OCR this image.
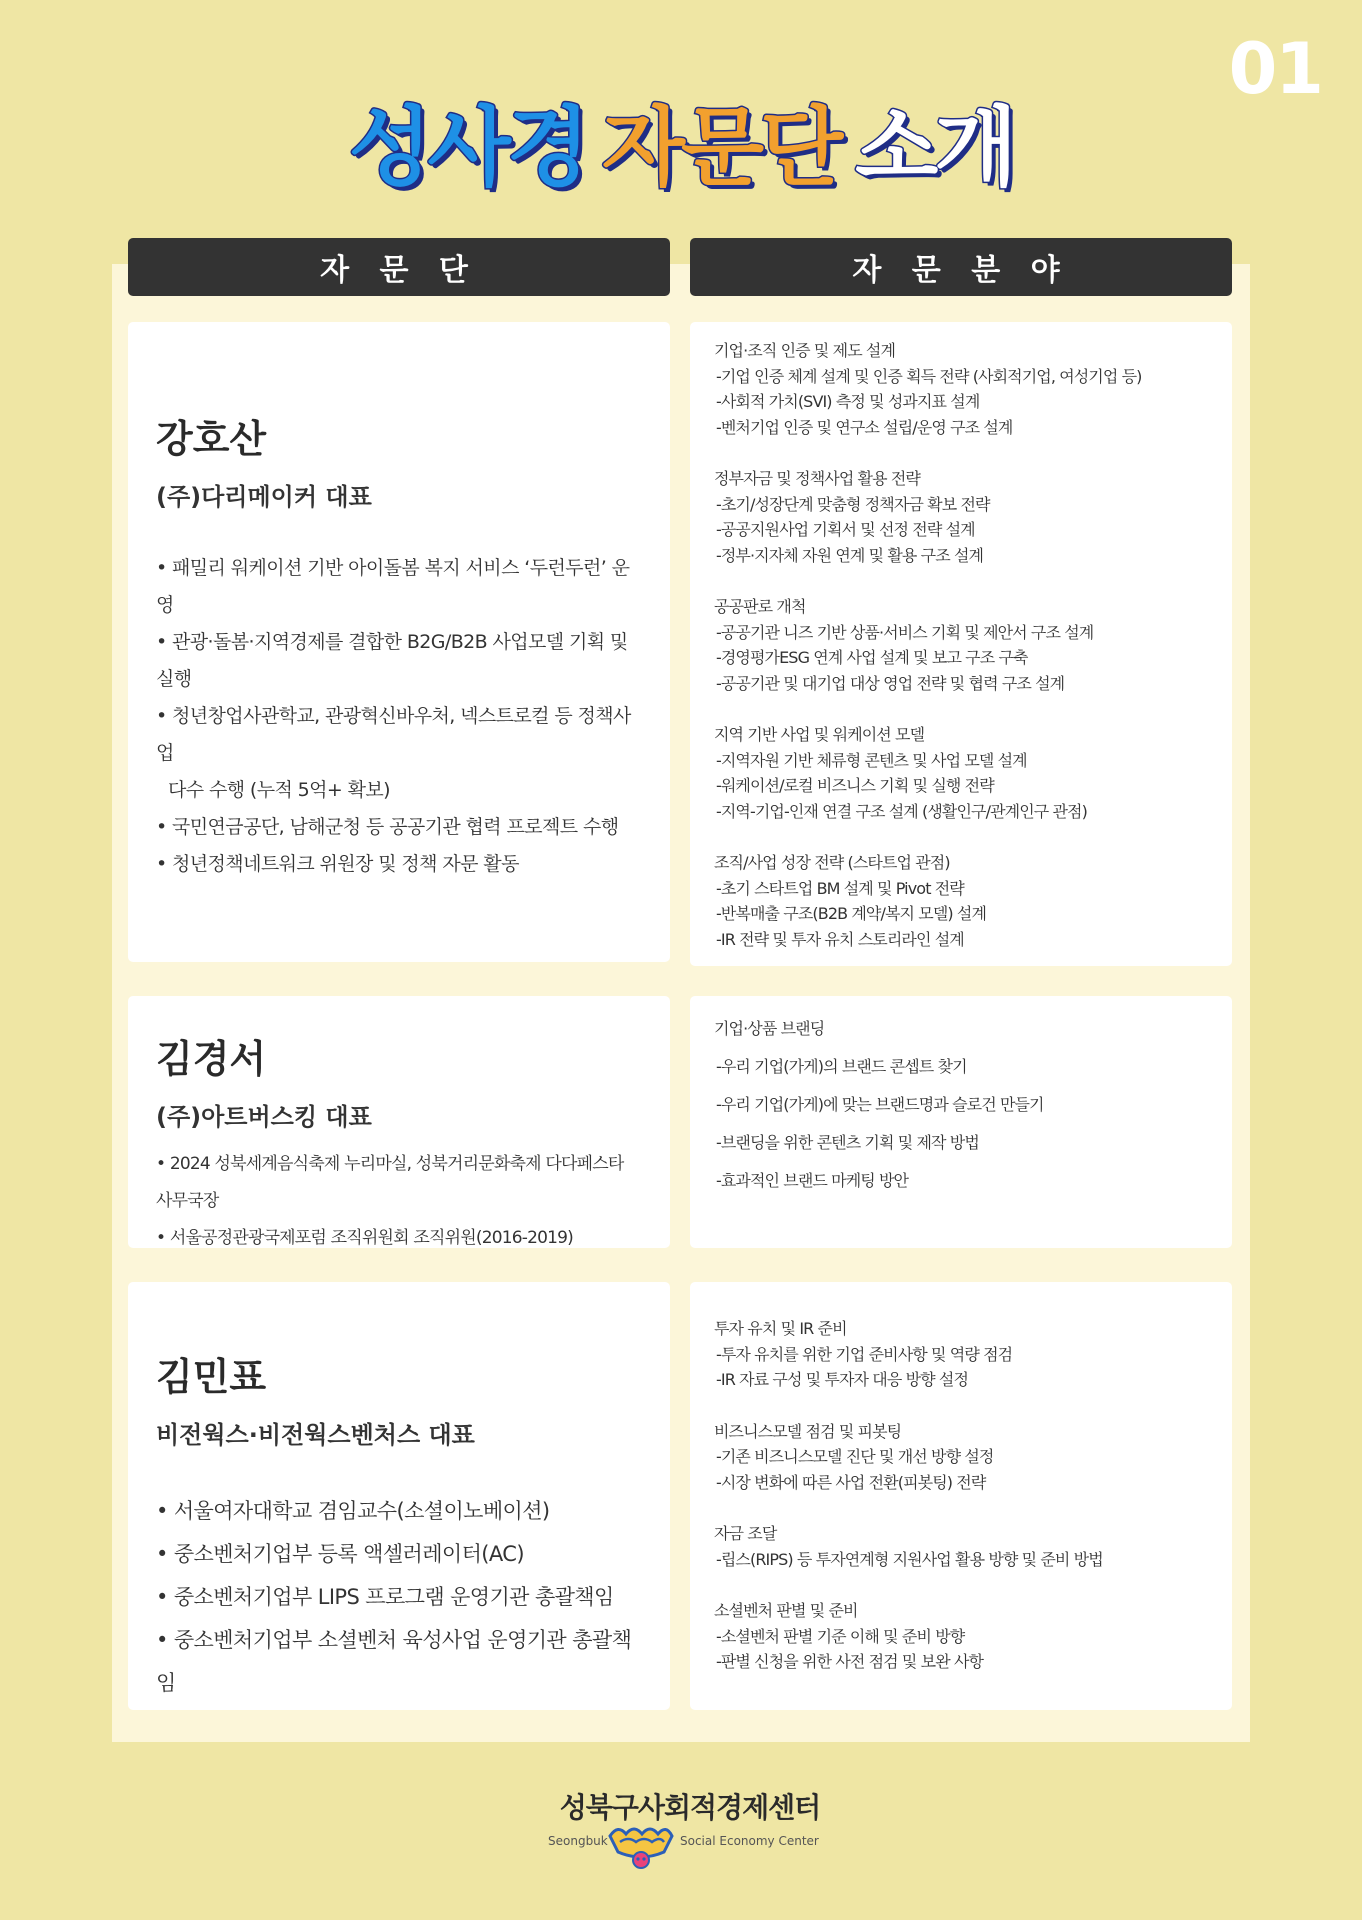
01
성사경 자문단 소개
자 문 단	자 문 분 야
강호산
(주)다리메이커 대표
• 패밀리 워케이션 기반 아이돌봄 복지 서비스 ‘두런두런’ 운영
• 관광·돌봄·지역경제를 결합한 B2G/B2B 사업모델 기획 및 실행
• 청년창업사관학교, 관광혁신바우처, 넥스트로컬 등 정책사업
다수 수행 (누적 5억+ 확보)
• 국민연금공단, 남해군청 등 공공기관 협력 프로젝트 수행
• 청년정책네트워크 위원장 및 정책 자문 활동
기업·조직 인증 및 제도 설계
-기업 인증 체계 설계 및 인증 획득 전략 (사회적기업, 여성기업 등)
-사회적 가치(SVI) 측정 및 성과지표 설계
-벤처기업 인증 및 연구소 설립/운영 구조 설계
정부자금 및 정책사업 활용 전략
-초기/성장단계 맞춤형 정책자금 확보 전략
-공공지원사업 기획서 및 선정 전략 설계
-정부·지자체 자원 연계 및 활용 구조 설계
공공판로 개척
-공공기관 니즈 기반 상품·서비스 기획 및 제안서 구조 설계
-경영평가ESG 연계 사업 설계 및 보고 구조 구축
-공공기관 및 대기업 대상 영업 전략 및 협력 구조 설계
지역 기반 사업 및 워케이션 모델
-지역자원 기반 체류형 콘텐츠 및 사업 모델 설계
-워케이션/로컬 비즈니스 기획 및 실행 전략
-지역-기업-인재 연결 구조 설계 (생활인구/관계인구 관점)
조직/사업 성장 전략 (스타트업 관점)
-초기 스타트업 BM 설계 및 Pivot 전략
-반복매출 구조(B2B 계약/복지 모델) 설계
-IR 전략 및 투자 유치 스토리라인 설계
김경서
(주)아트버스킹 대표
• 2024 성북세계음식축제 누리마실, 성북거리문화축제 다다페스타 사무국장
• 서울공정관광국제포럼 조직위원회 조직위원(2016-2019)
기업·상품 브랜딩
-우리 기업(가게)의 브랜드 콘셉트 찾기
-우리 기업(가게)에 맞는 브랜드명과 슬로건 만들기
-브랜딩을 위한 콘텐츠 기획 및 제작 방법
-효과적인 브랜드 마케팅 방안
김민표
비전웍스·비전웍스벤처스 대표
• 서울여자대학교 겸임교수(소셜이노베이션)
• 중소벤처기업부 등록 액셀러레이터(AC)
• 중소벤처기업부 LIPS 프로그램 운영기관 총괄책임
• 중소벤처기업부 소셜벤처 육성사업 운영기관 총괄책임
투자 유치 및 IR 준비
-투자 유치를 위한 기업 준비사항 및 역량 점검
-IR 자료 구성 및 투자자 대응 방향 설정
비즈니스모델 점검 및 피봇팅
-기존 비즈니스모델 진단 및 개선 방향 설정
-시장 변화에 따른 사업 전환(피봇팅) 전략
자금 조달
-립스(RIPS) 등 투자연계형 지원사업 활용 방향 및 준비 방법
소셜벤처 판별 및 준비
-소셜벤처 판별 기준 이해 및 준비 방향
-판별 신청을 위한 사전 점검 및 보완 사항
성북구사회적경제센터
Seongbuk	Social Economy Center
